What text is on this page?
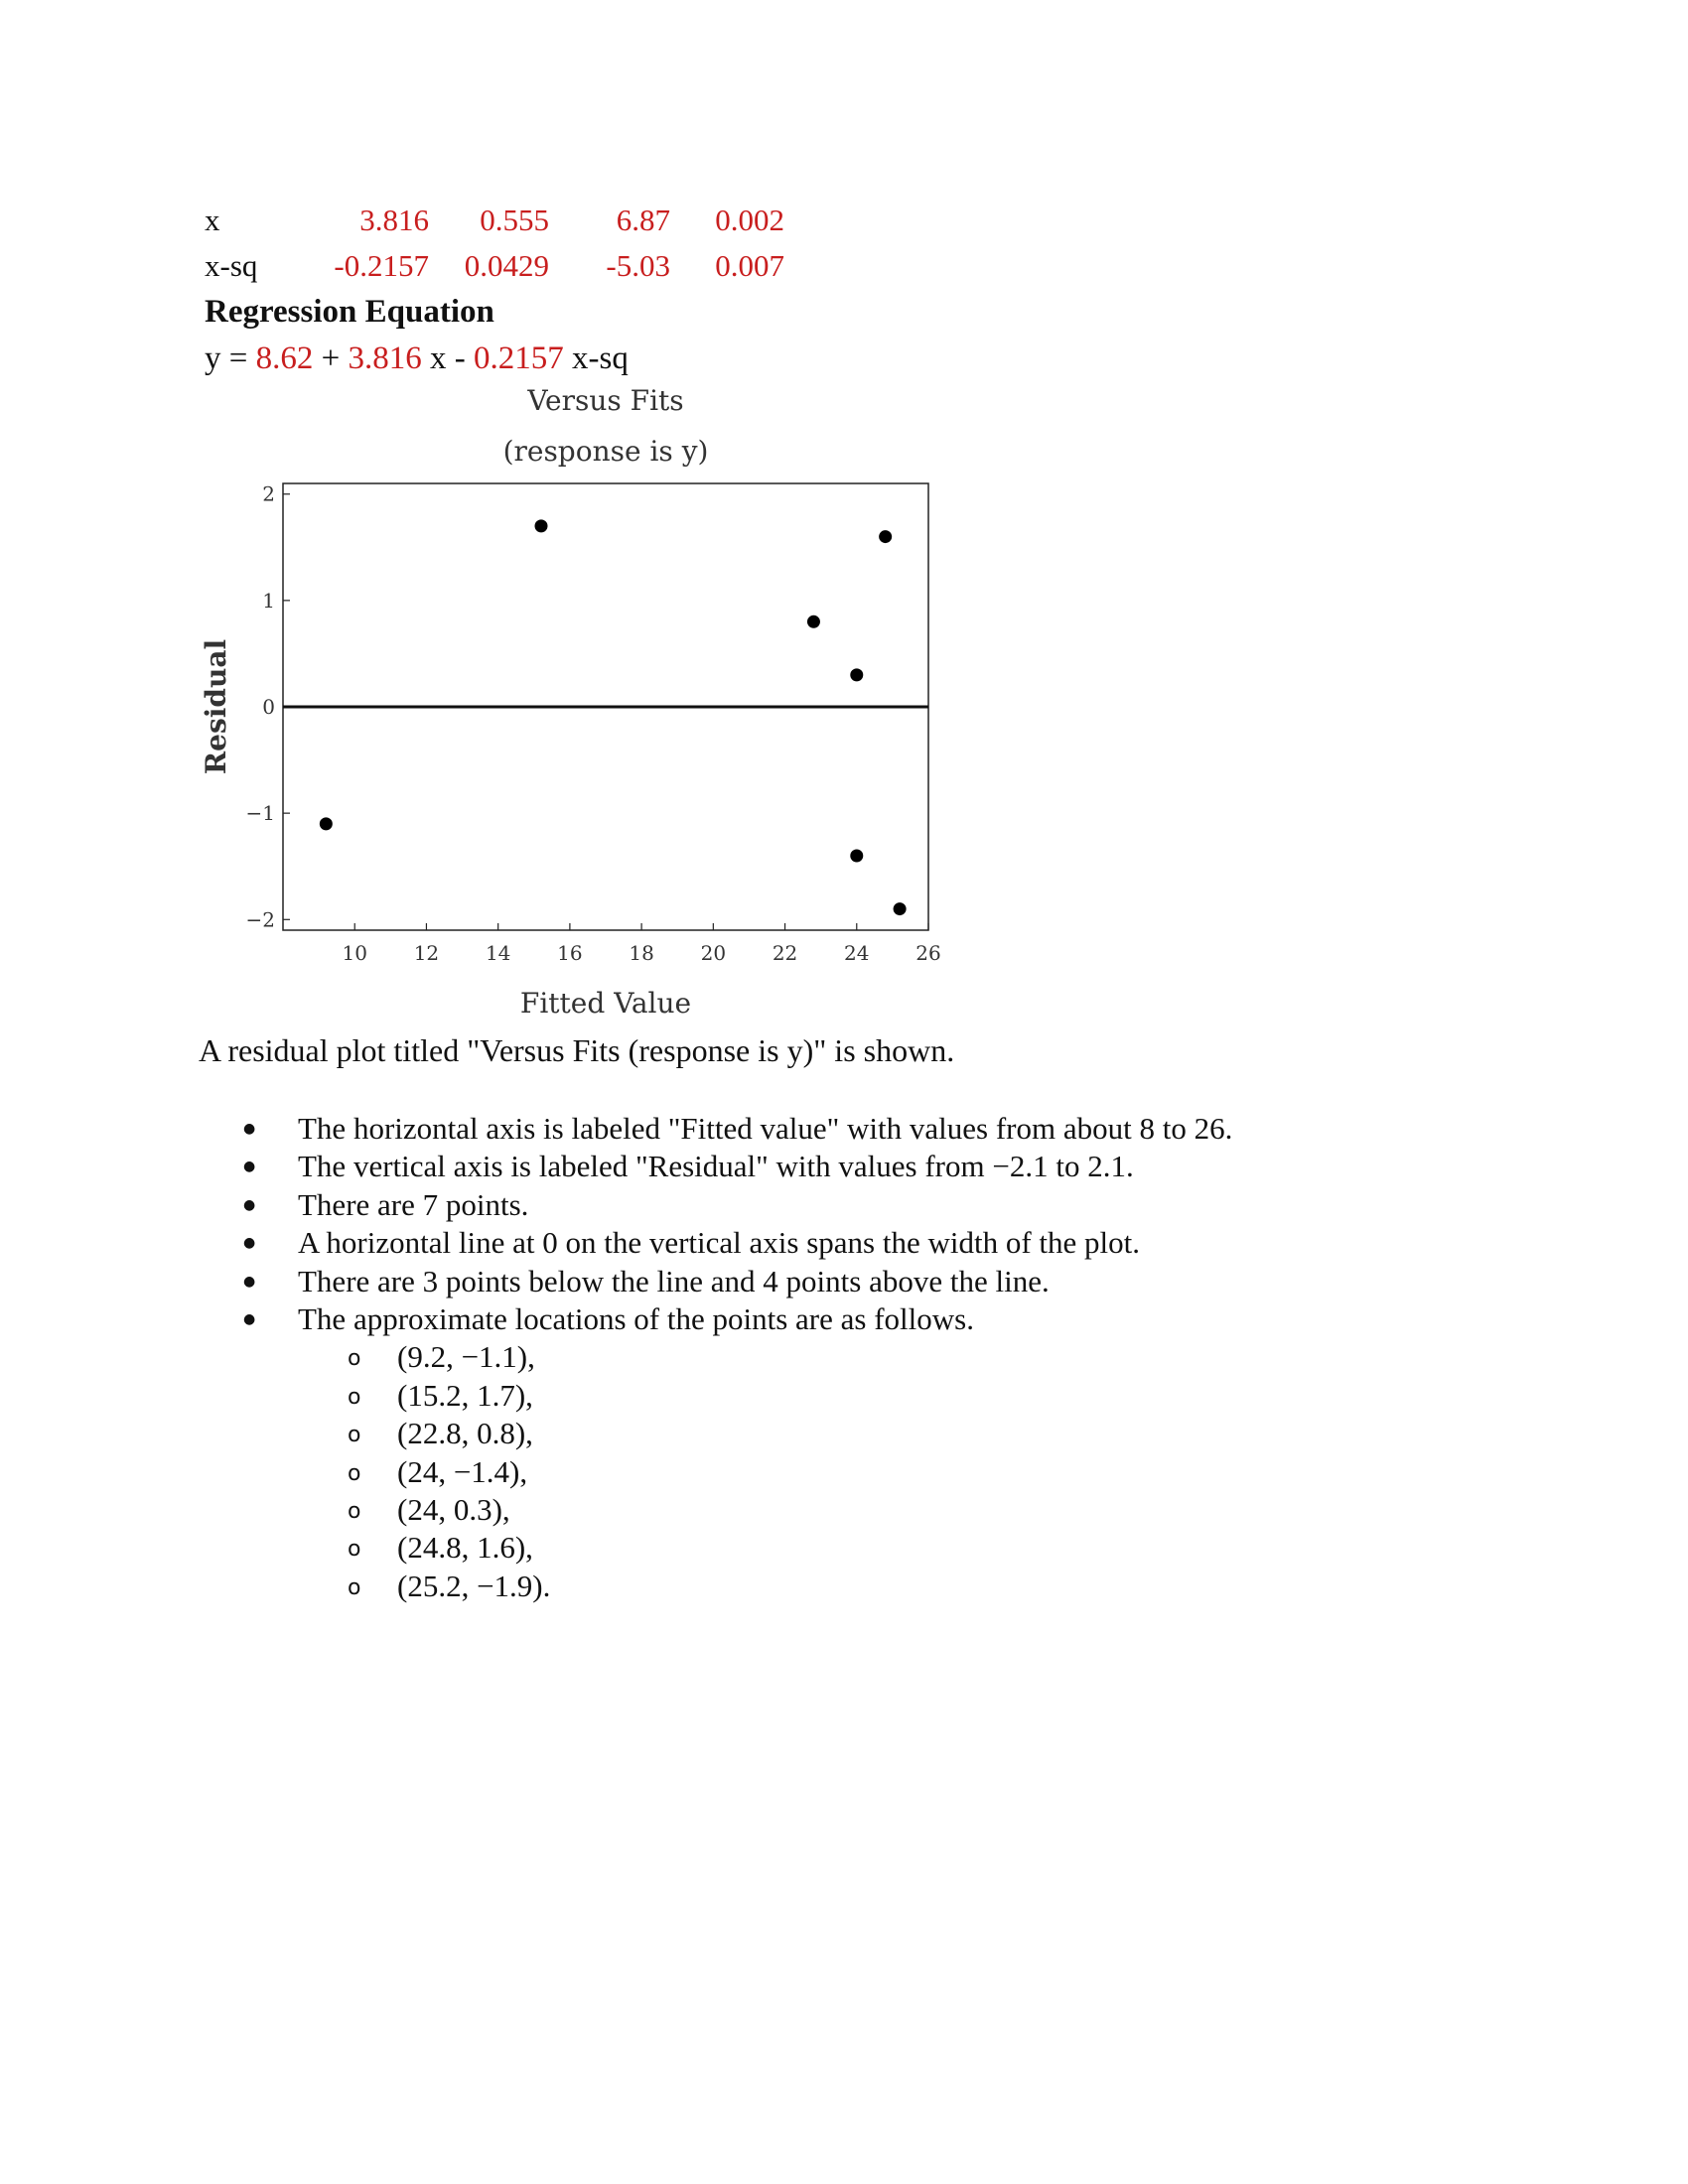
x	3.816 0.555 6.87 0.002
x-sq -0.2157 0.0429 -5.03 0.007
Regression Equation
y = 8.62 + 3.816 x - 0.2157 x-sq
Versus Fits
(response is y)
10 12 14 16 18 20 22 24 26
−2
−1
0
1
2
Fitted Value
Residual
A residual plot titled "Versus Fits (response is y)" is shown.
● The horizontal axis is labeled "Fitted value" with values from about 8 to 26.
● The vertical axis is labeled "Residual" with values from −2.1 to 2.1.
● There are 7 points.
● A horizontal line at 0 on the vertical axis spans the width of the plot.
● There are 3 points below the line and 4 points above the line.
● The approximate locations of the points are as follows.
o (9.2, −1.1),
o (15.2, 1.7),
o (22.8, 0.8),
o (24, −1.4),
o (24, 0.3),
o (24.8, 1.6),
o (25.2, −1.9).
